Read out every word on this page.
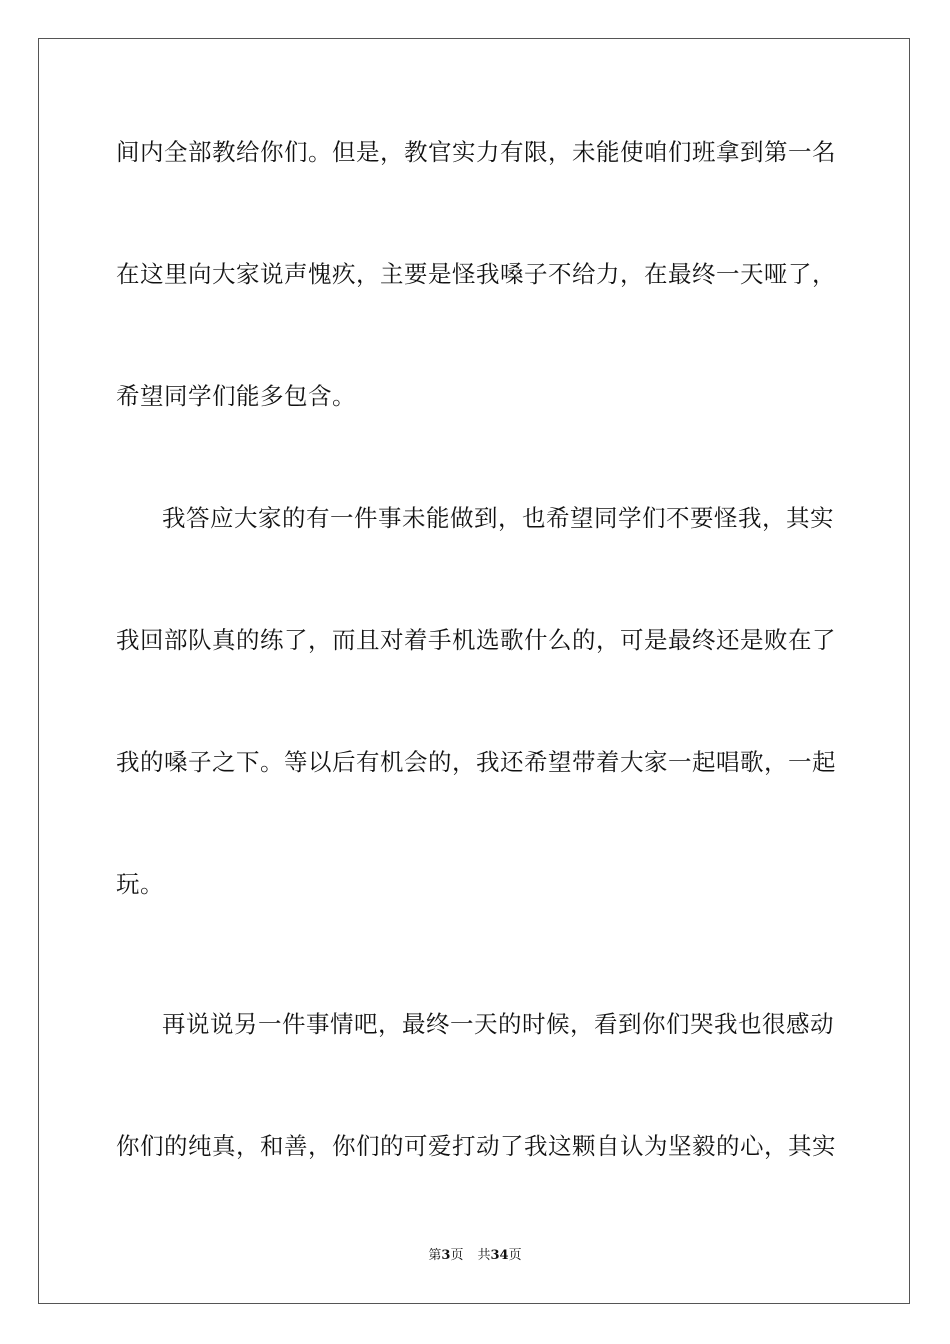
间内全部教给你们。但是，教官实力有限，未能使咱们班拿到第一名
在这里向大家说声愧疚，主要是怪我嗓子不给力，在最终一天哑了，
希望同学们能多包含。
我答应大家的有一件事未能做到，也希望同学们不要怪我，其实
我回部队真的练了，而且对着手机选歌什么的，可是最终还是败在了
我的嗓子之下。等以后有机会的，我还希望带着大家一起唱歌，一起
玩。
再说说另一件事情吧，最终一天的时候，看到你们哭我也很感动
你们的纯真，和善，你们的可爱打动了我这颗自认为坚毅的心，其实
第3页 共34页
